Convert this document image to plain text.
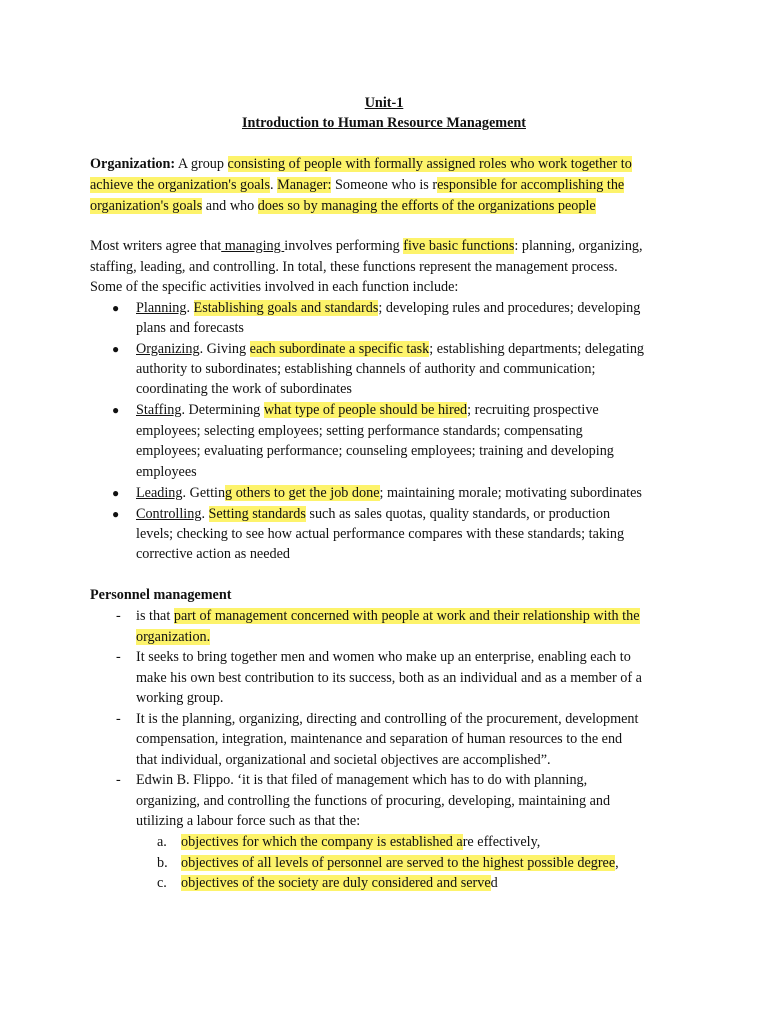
Unit-1
Introduction to Human Resource Management
Organization: A group consisting of people with formally assigned roles who work together to
achieve the organization's goals. Manager: Someone who is responsible for accomplishing the
organization's goals and who does so by managing the efforts of the organizations people
Most writers agree that managing involves performing five basic functions: planning, organizing,
staffing, leading, and controlling. In total, these functions represent the management process.
Some of the specific activities involved in each function include:
● Planning. Establishing goals and standards; developing rules and procedures; developing
plans and forecasts
● Organizing. Giving each subordinate a specific task; establishing departments; delegating
authority to subordinates; establishing channels of authority and communication;
coordinating the work of subordinates
● Staffing. Determining what type of people should be hired; recruiting prospective
employees; selecting employees; setting performance standards; compensating
employees; evaluating performance; counseling employees; training and developing
employees
● Leading. Getting others to get the job done; maintaining morale; motivating subordinates
● Controlling. Setting standards such as sales quotas, quality standards, or production
levels; checking to see how actual performance compares with these standards; taking
corrective action as needed
Personnel management
- is that part of management concerned with people at work and their relationship with the
organization.
- It seeks to bring together men and women who make up an enterprise, enabling each to
make his own best contribution to its success, both as an individual and as a member of a
working group.
- It is the planning, organizing, directing and controlling of the procurement, development
compensation, integration, maintenance and separation of human resources to the end
that individual, organizational and societal objectives are accomplished”.
- Edwin B. Flippo. ‘it is that filed of management which has to do with planning,
organizing, and controlling the functions of procuring, developing, maintaining and
utilizing a labour force such as that the:
a. objectives for which the company is established are effectively,
b. objectives of all levels of personnel are served to the highest possible degree,
c. objectives of the society are duly considered and served
